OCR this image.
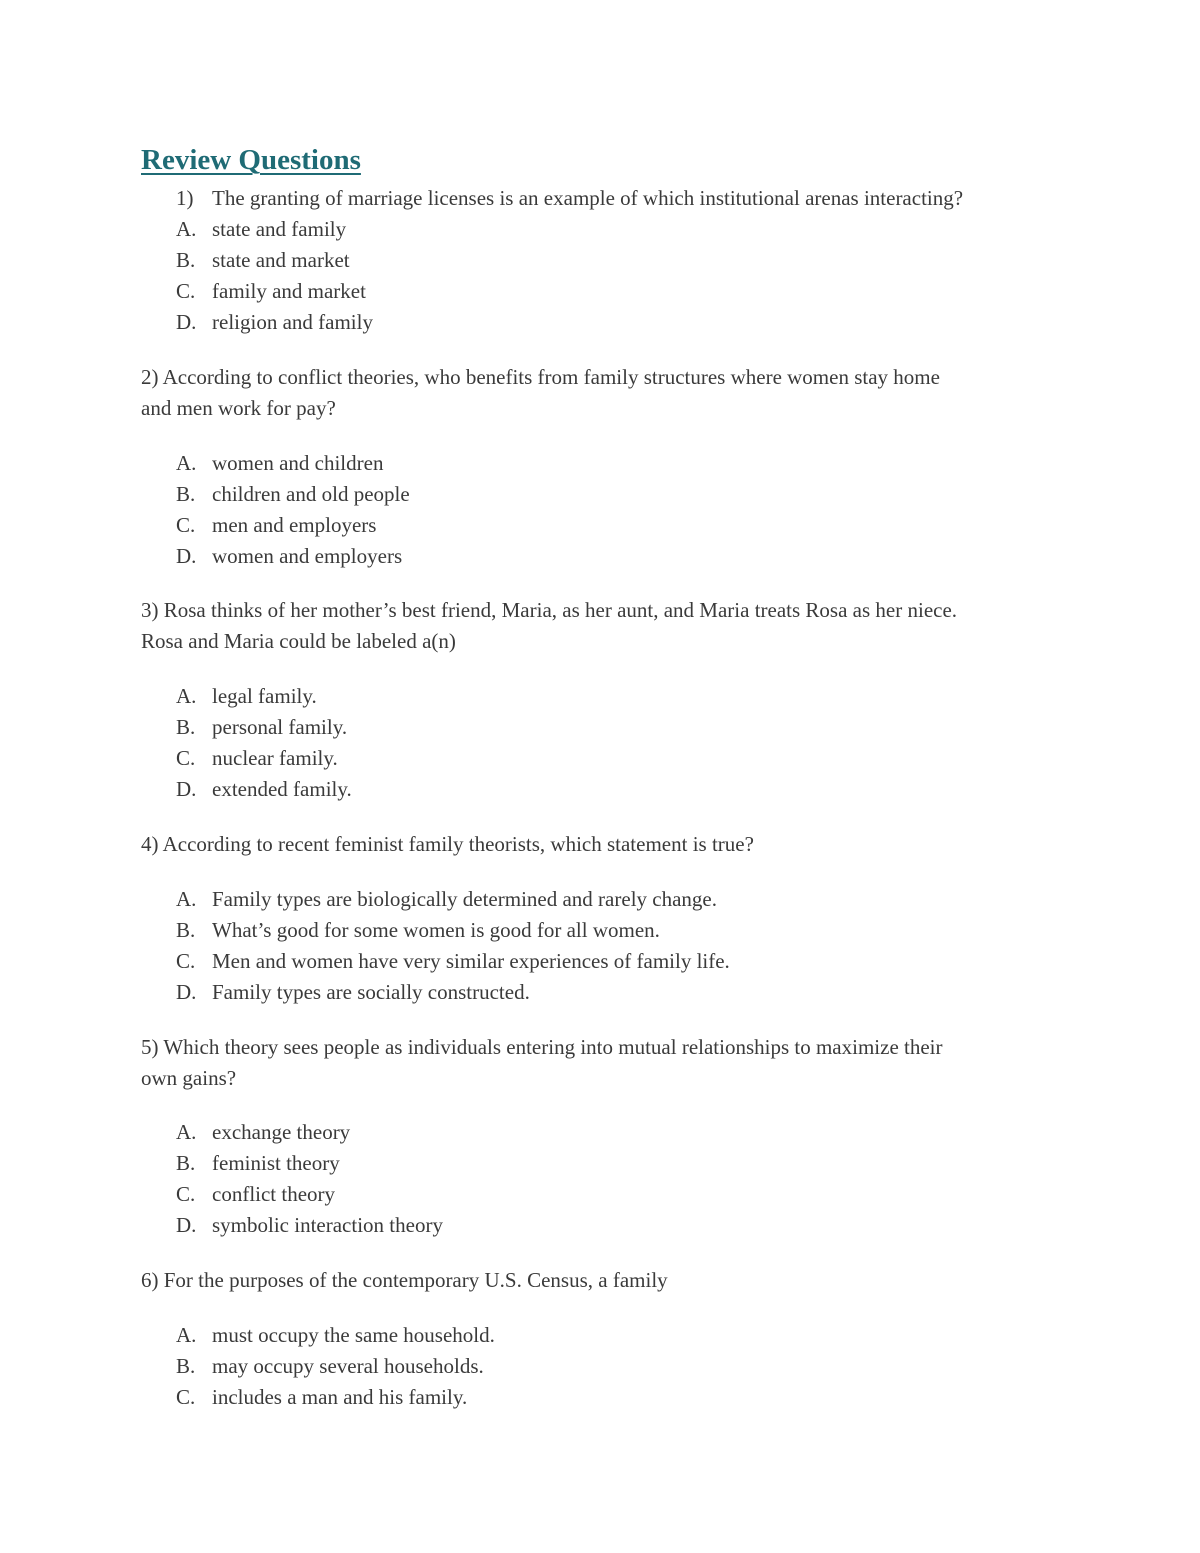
Review Questions
1) The granting of marriage licenses is an example of which institutional arenas interacting?
A. state and family
B. state and market
C. family and market
D. religion and family
2) According to conflict theories, who benefits from family structures where women stay home
and men work for pay?
A. women and children
B. children and old people
C. men and employers
D. women and employers
3) Rosa thinks of her mother’s best friend, Maria, as her aunt, and Maria treats Rosa as her niece.
Rosa and Maria could be labeled a(n)
A. legal family.
B. personal family.
C. nuclear family.
D. extended family.
4) According to recent feminist family theorists, which statement is true?
A. Family types are biologically determined and rarely change.
B. What’s good for some women is good for all women.
C. Men and women have very similar experiences of family life.
D. Family types are socially constructed.
5) Which theory sees people as individuals entering into mutual relationships to maximize their
own gains?
A. exchange theory
B. feminist theory
C. conflict theory
D. symbolic interaction theory
6) For the purposes of the contemporary U.S. Census, a family
A. must occupy the same household.
B. may occupy several households.
C. includes a man and his family.
